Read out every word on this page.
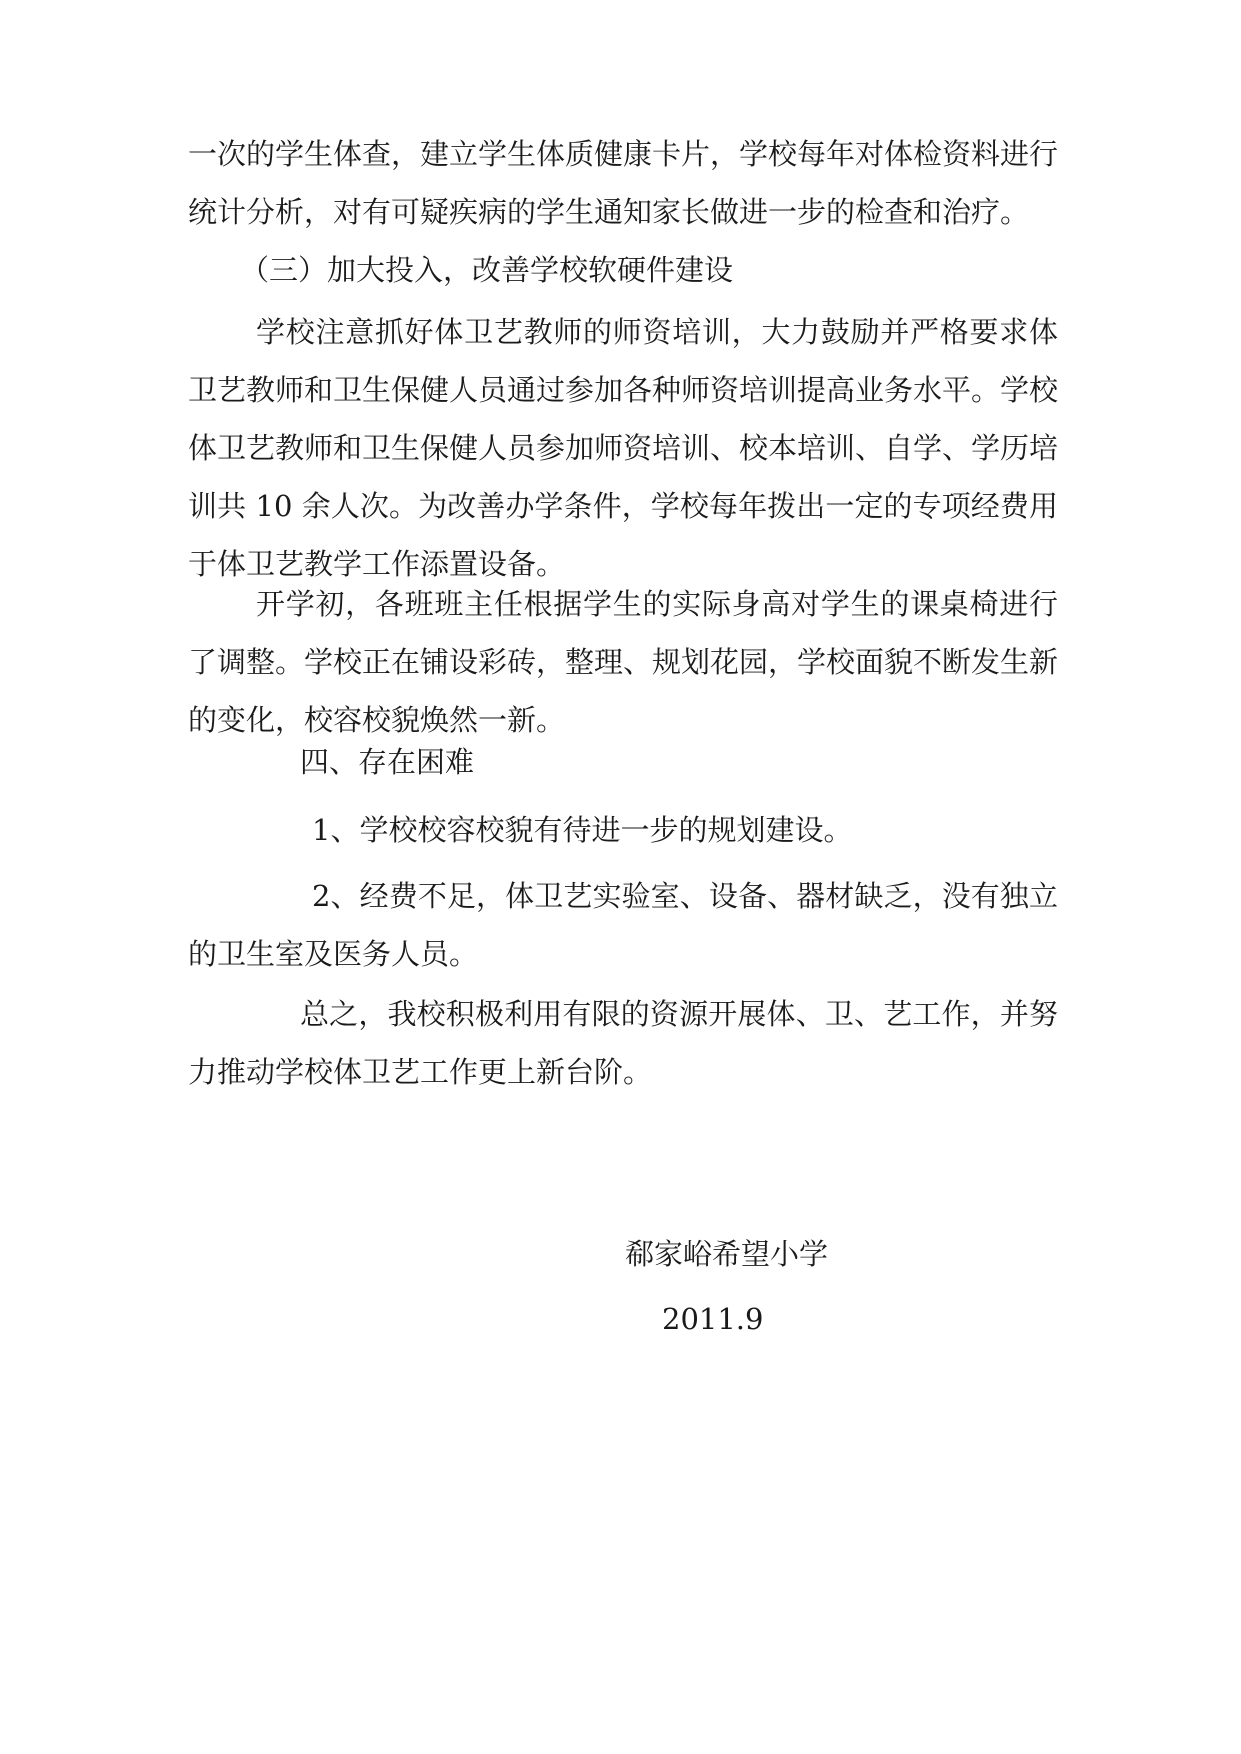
一次的学生体查，建立学生体质健康卡片，学校每年对体检资料进行统计分析，对有可疑疾病的学生通知家长做进一步的检查和治疗。

（三）加大投入，改善学校软硬件建设

学校注意抓好体卫艺教师的师资培训，大力鼓励并严格要求体卫艺教师和卫生保健人员通过参加各种师资培训提高业务水平。学校体卫艺教师和卫生保健人员参加师资培训、校本培训、自学、学历培训共 10 余人次。为改善办学条件，学校每年拨出一定的专项经费用于体卫艺教学工作添置设备。

开学初，各班班主任根据学生的实际身高对学生的课桌椅进行了调整。学校正在铺设彩砖，整理、规划花园，学校面貌不断发生新的变化，校容校貌焕然一新。

四、存在困难

1、学校校容校貌有待进一步的规划建设。

2、经费不足，体卫艺实验室、设备、器材缺乏，没有独立的卫生室及医务人员。

总之，我校积极利用有限的资源开展体、卫、艺工作，并努力推动学校体卫艺工作更上新台阶。

郗家峪希望小学

2011.9
